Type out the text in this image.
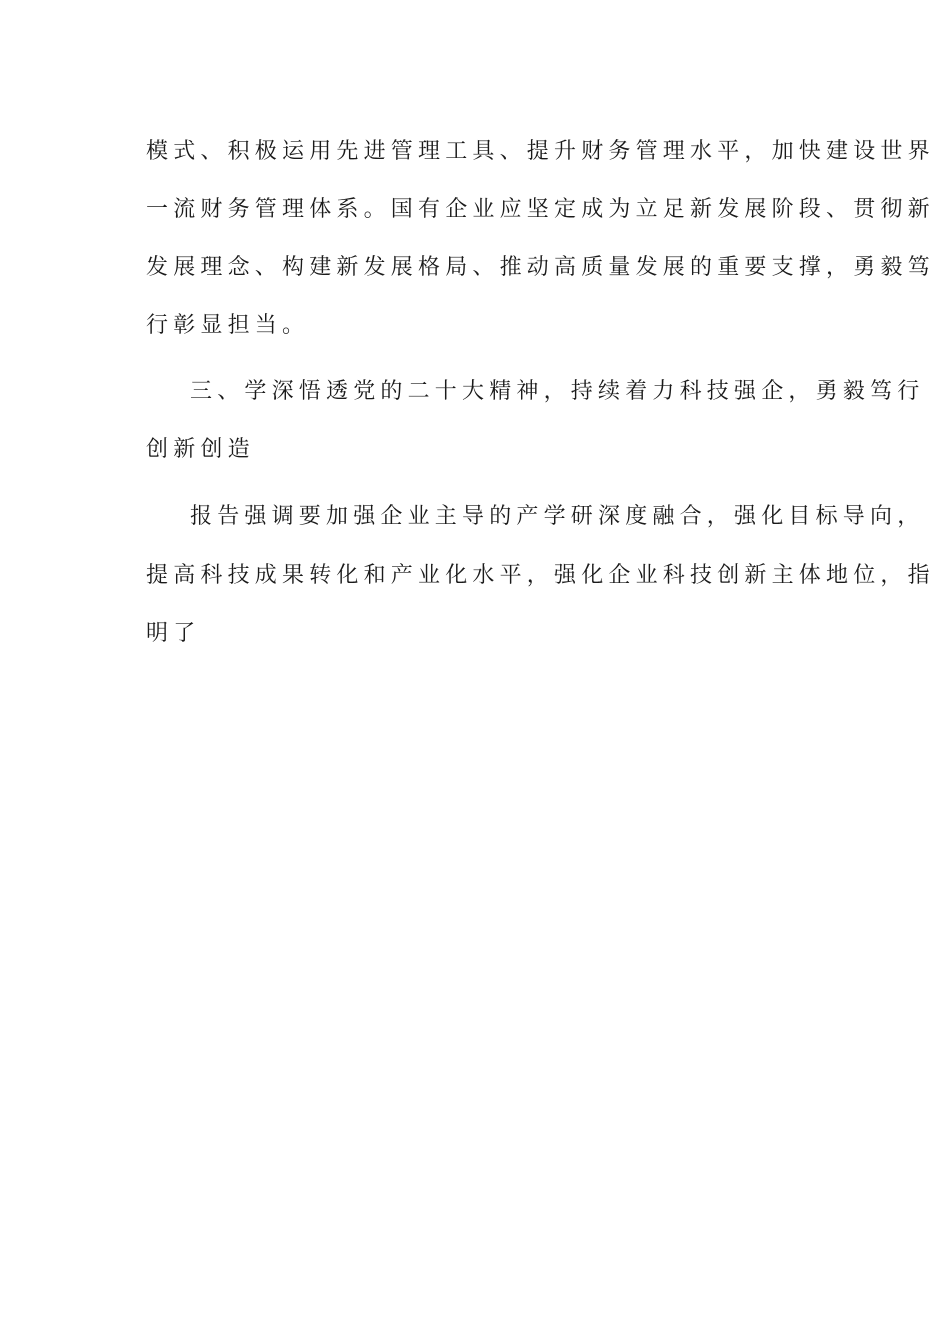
模式、积极运用先进管理工具、提升财务管理水平，加快建设世界
一流财务管理体系。国有企业应坚定成为立足新发展阶段、贯彻新
发展理念、构建新发展格局、推动高质量发展的重要支撑，勇毅笃
行彰显担当。
三、学深悟透党的二十大精神，持续着力科技强企，勇毅笃行
创新创造
报告强调要加强企业主导的产学研深度融合，强化目标导向，
提高科技成果转化和产业化水平，强化企业科技创新主体地位，指
明了
